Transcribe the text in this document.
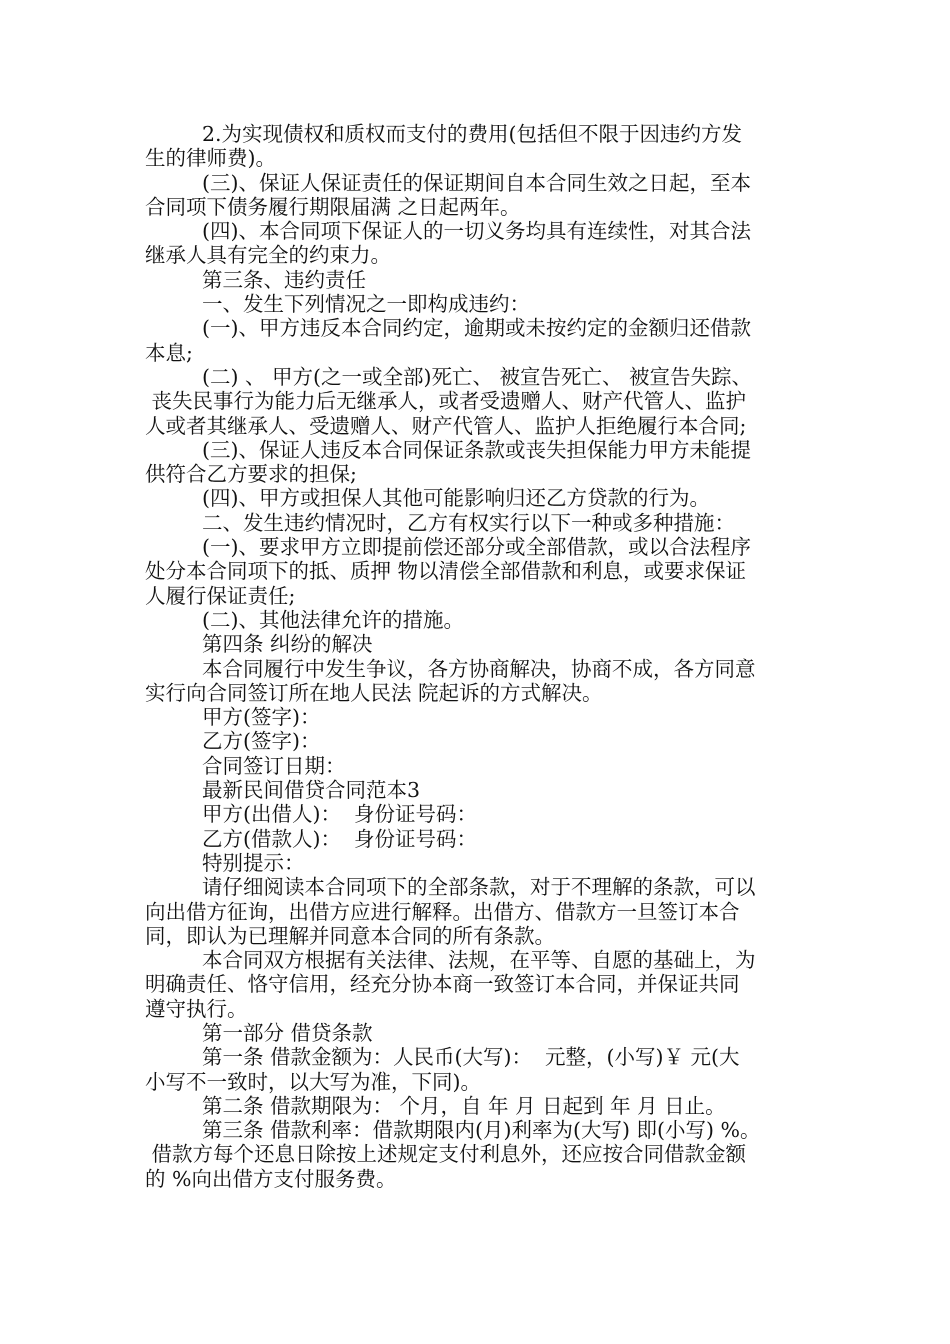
2.为实现债权和质权而支付的费用(包括但不限于因违约方发
生的律师费)。
(三)、保证人保证责任的保证期间自本合同生效之日起，至本
合同项下债务履行期限届满 之日起两年。
(四)、本合同项下保证人的一切义务均具有连续性，对其合法
继承人具有完全的约束力。
第三条、违约责任
一、发生下列情况之一即构成违约：
(一)、甲方违反本合同约定，逾期或未按约定的金额归还借款
本息;
(二) 、 甲方(之一或全部)死亡、 被宣告死亡、 被宣告失踪、
丧失民事行为能力后无继承人，或者受遗赠人、财产代管人、监护
人或者其继承人、受遗赠人、财产代管人、监护人拒绝履行本合同;
(三)、保证人违反本合同保证条款或丧失担保能力甲方未能提
供符合乙方要求的担保;
(四)、甲方或担保人其他可能影响归还乙方贷款的行为。
二、发生违约情况时，乙方有权实行以下一种或多种措施：
(一)、要求甲方立即提前偿还部分或全部借款，或以合法程序
处分本合同项下的抵、质押 物以清偿全部借款和利息，或要求保证
人履行保证责任;
(二)、其他法律允许的措施。
第四条 纠纷的解决
本合同履行中发生争议，各方协商解决，协商不成，各方同意
实行向合同签订所在地人民法 院起诉的方式解决。
甲方(签字)：
乙方(签字)：
合同签订日期：
最新民间借贷合同范本3
甲方(出借人)：  身份证号码：
乙方(借款人)：  身份证号码：
特别提示：
请仔细阅读本合同项下的全部条款，对于不理解的条款，可以
向出借方征询，出借方应进行解释。出借方、借款方一旦签订本合
同，即认为已理解并同意本合同的所有条款。
本合同双方根据有关法律、法规，在平等、自愿的基础上，为
明确责任、恪守信用，经充分协本商一致签订本合同，并保证共同
遵守执行。
第一部分 借贷条款
第一条 借款金额为：人民币(大写)：  元整，(小写)￥ 元(大
小写不一致时，以大写为准，下同)。
第二条 借款期限为： 个月，自 年 月 日起到 年 月 日止。
第三条 借款利率：借款期限内(月)利率为(大写) 即(小写) %。
借款方每个还息日除按上述规定支付利息外，还应按合同借款金额
的 %向出借方支付服务费。
